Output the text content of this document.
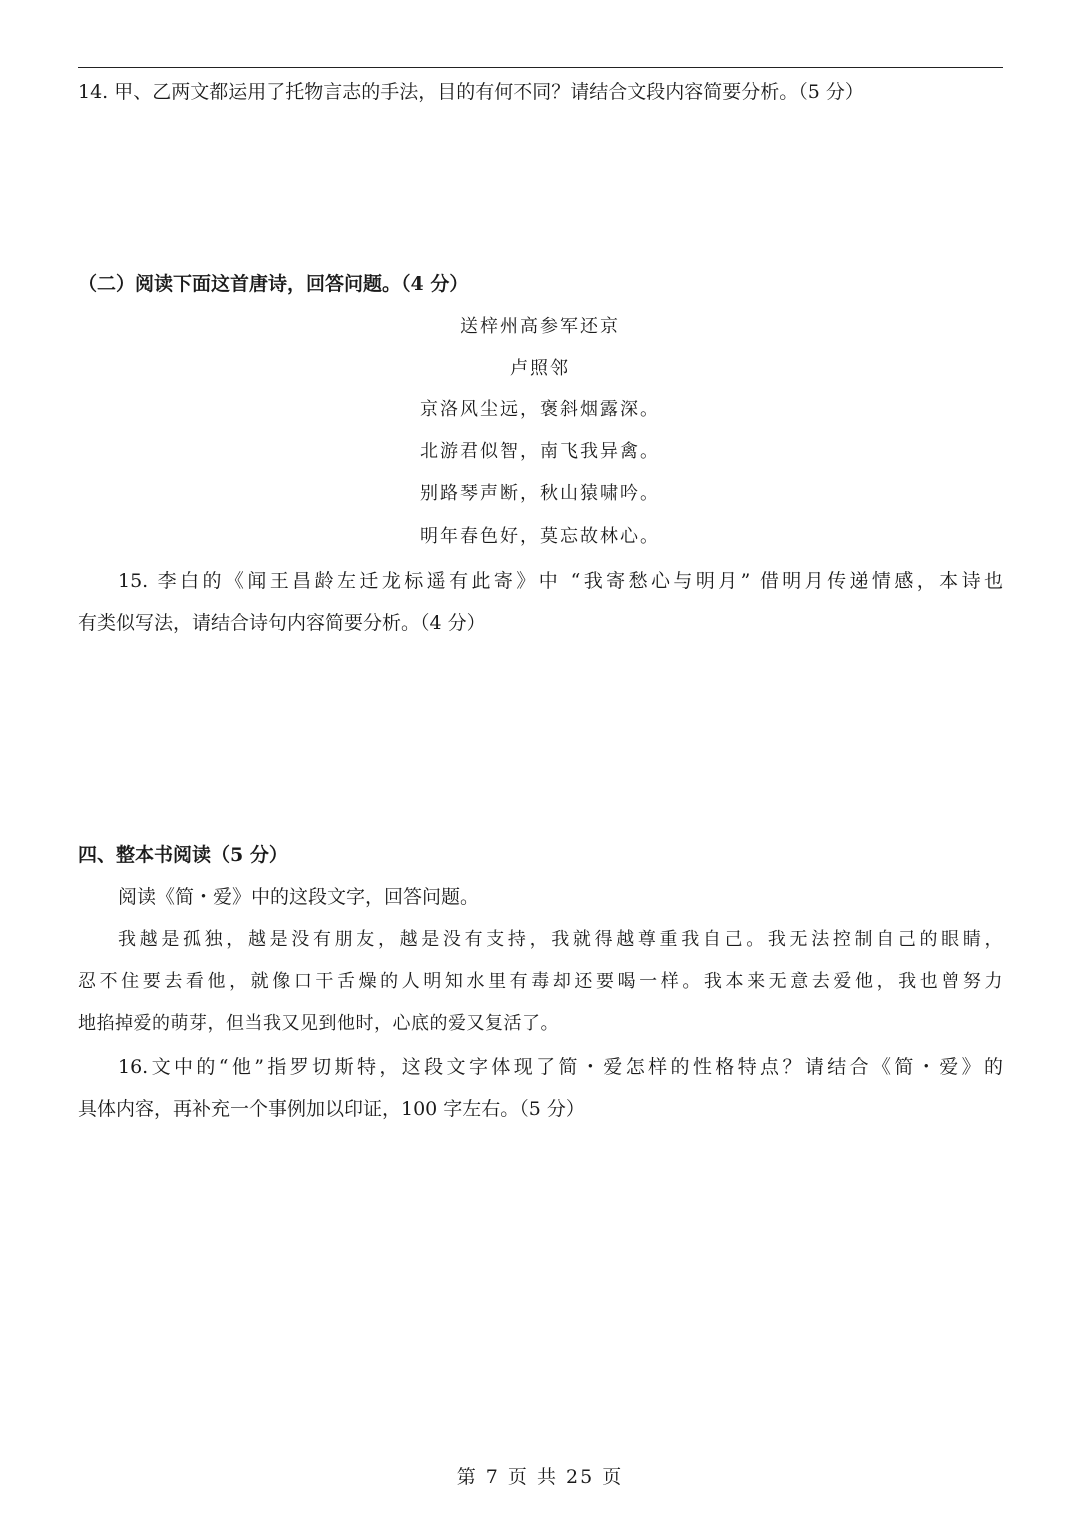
14. 甲、乙两文都运用了托物言志的手法，目的有何不同？请结合文段内容简要分析。（5 分）
（二）阅读下面这首唐诗，回答问题。（4 分）
送梓州高参军还京
卢照邻
京洛风尘远，褒斜烟露深。
北游君似智，南飞我异禽。
别路琴声断，秋山猿啸吟。
明年春色好，莫忘故林心。
15. 李白的《闻王昌龄左迁龙标遥有此寄》中 “我寄愁心与明月” 借明月传递情感，本诗也
有类似写法，请结合诗句内容简要分析。（4 分）
四、整本书阅读（5 分）
阅读《简・爱》中的这段文字，回答问题。
我越是孤独，越是没有朋友，越是没有支持，我就得越尊重我自己。我无法控制自己的眼睛，
忍不住要去看他，就像口干舌燥的人明知水里有毒却还要喝一样。我本来无意去爱他，我也曾努力
地掐掉爱的萌芽，但当我又见到他时，心底的爱又复活了。
16.文中的“他”指罗切斯特，这段文字体现了简・爱怎样的性格特点？请结合《简・爱》的
具体内容，再补充一个事例加以印证，100 字左右。（5 分）
第 7 页 共 25 页
